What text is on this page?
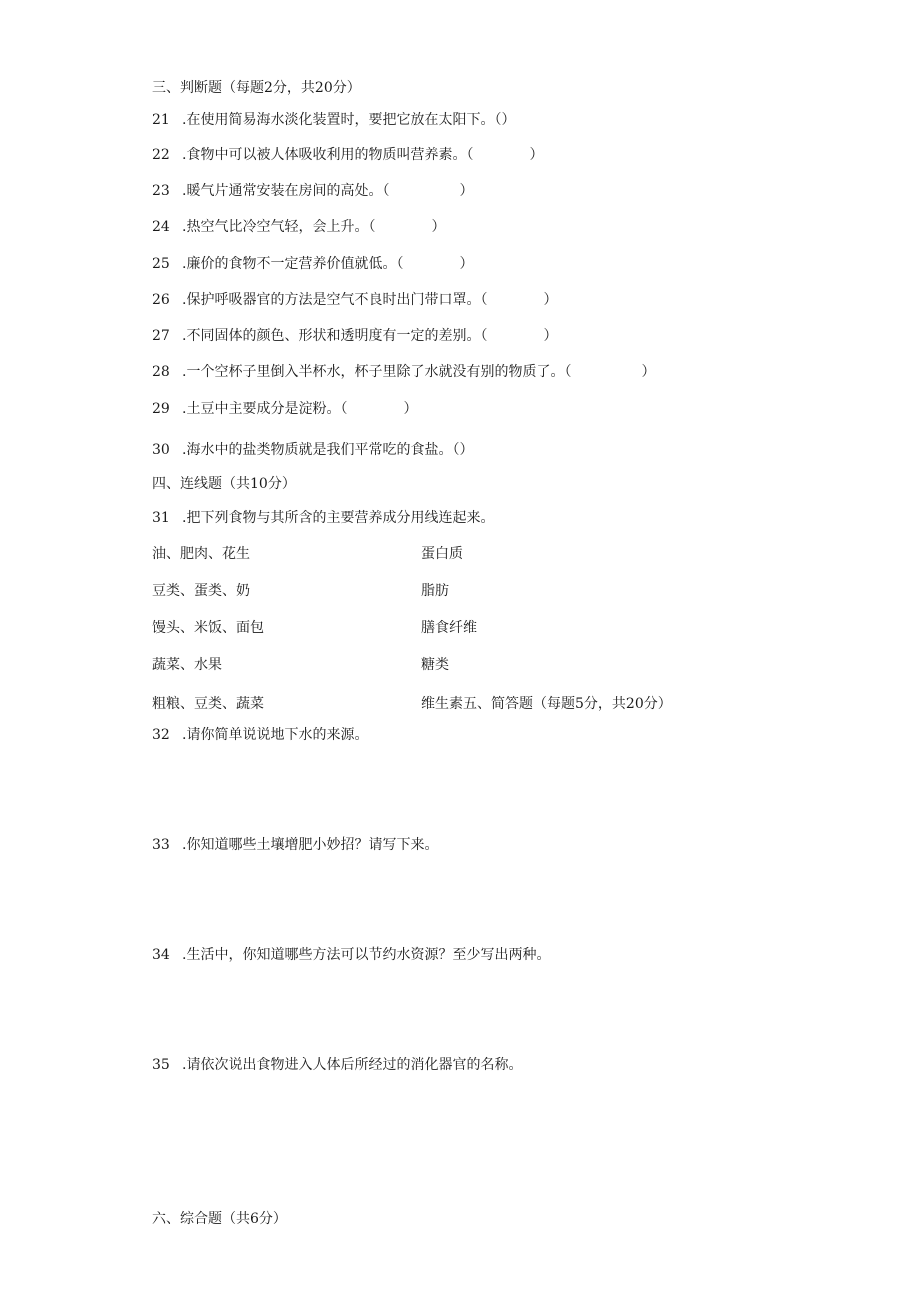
三、判断题（每题2分，共20分）
21 .在使用简易海水淡化装置时，要把它放在太阳下。（）
22 .食物中可以被人体吸收利用的物质叫营养素。（　　　　）
23 .暖气片通常安装在房间的高处。（　　　　　）
24 .热空气比冷空气轻，会上升。（　　　　）
25 .廉价的食物不一定营养价值就低。（　　　　）
26 .保护呼吸器官的方法是空气不良时出门带口罩。（　　　　）
27 .不同固体的颜色、形状和透明度有一定的差别。（　　　　）
28 .一个空杯子里倒入半杯水，杯子里除了水就没有别的物质了。（　　　　　）
29 .土豆中主要成分是淀粉。（　　　　）
30 .海水中的盐类物质就是我们平常吃的食盐。（）
四、连线题（共10分）
31 .把下列食物与其所含的主要营养成分用线连起来。
油、肥肉、花生	蛋白质
豆类、蛋类、奶	脂肪
馒头、米饭、面包	膳食纤维
蔬菜、水果	糖类
粗粮、豆类、蔬菜	维生素五、简答题（每题5分，共20分）
32 .请你简单说说地下水的来源。
33 .你知道哪些土壤增肥小妙招？请写下来。
34 .生活中，你知道哪些方法可以节约水资源？至少写出两种。
35 .请依次说出食物进入人体后所经过的消化器官的名称。
六、综合题（共6分）
